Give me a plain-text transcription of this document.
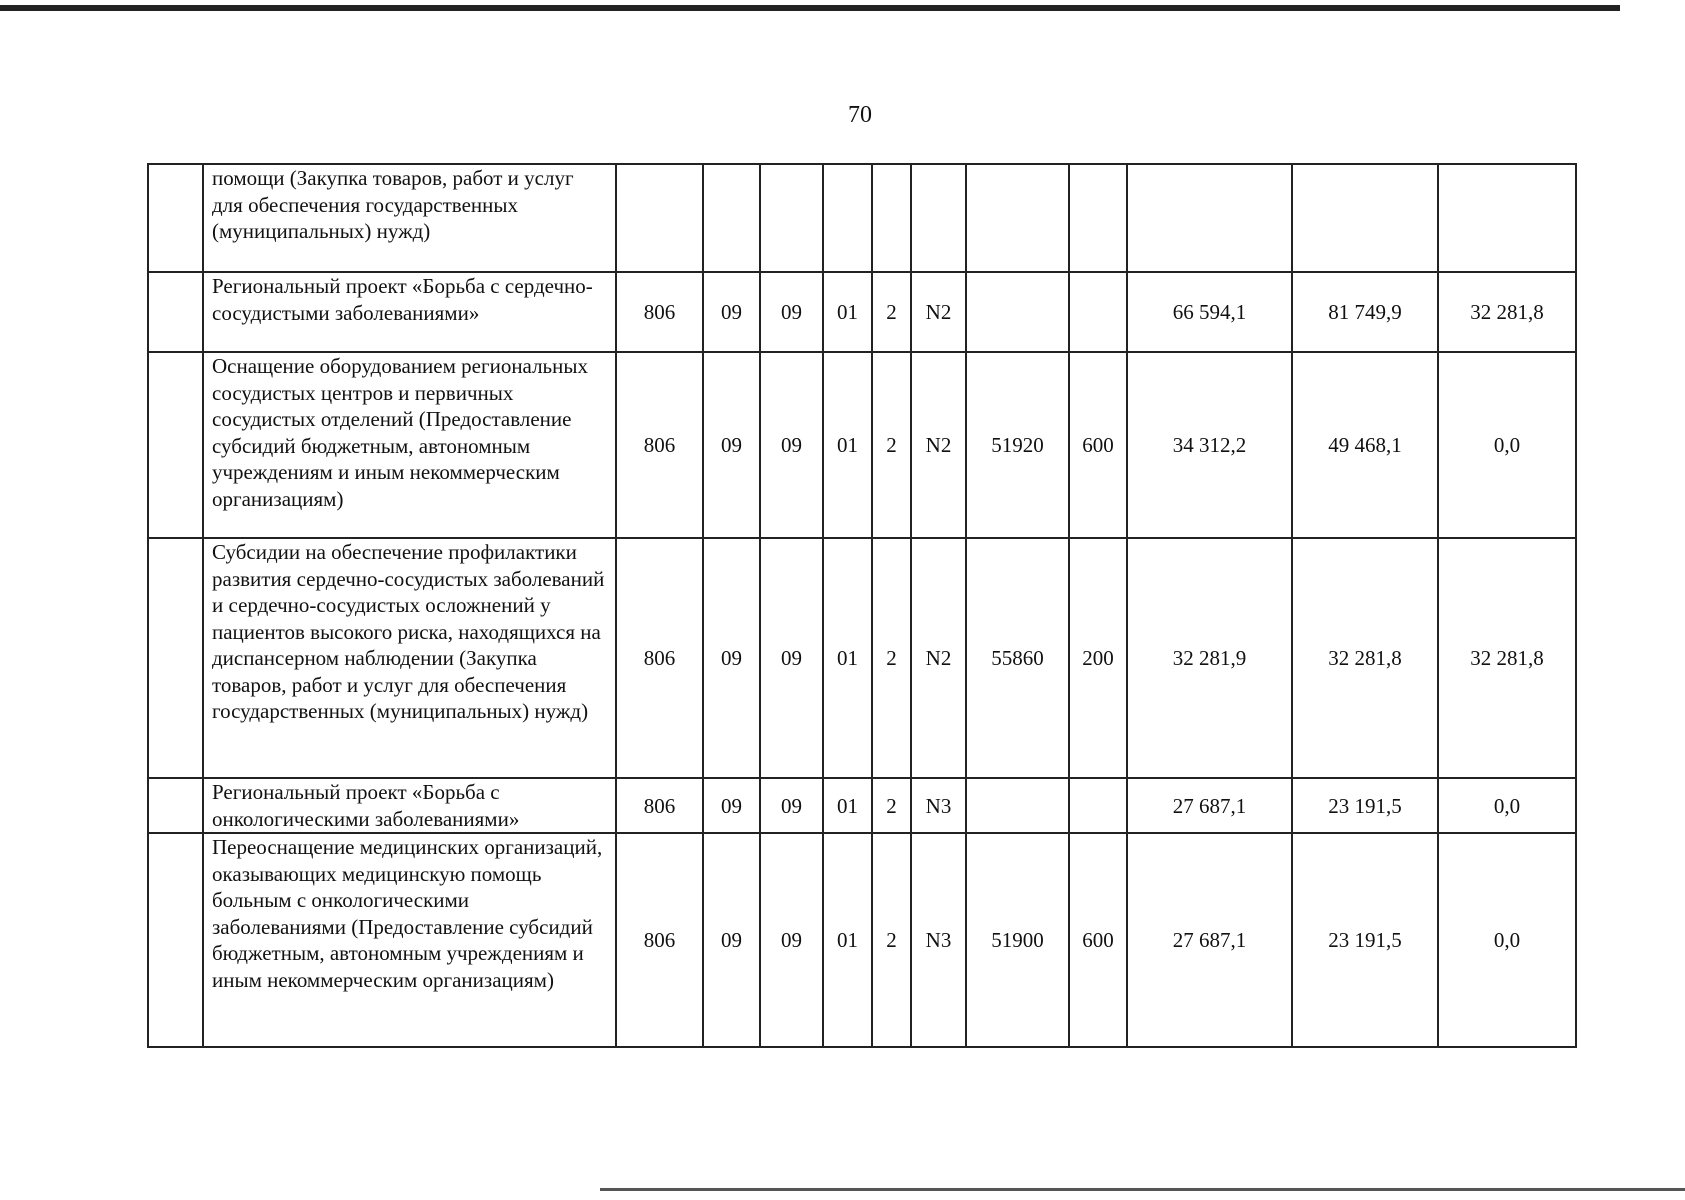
70
	помощи (Закупка товаров, работ и услуг для обеспечения государственных (муниципальных) нужд)											
	Региональный проект «Борьба с сердечно-сосудистыми заболеваниями»	806	09	09	01	2	N2			66 594,1	81 749,9	32 281,8
	Оснащение оборудованием региональных сосудистых центров и первичных сосудистых отделений (Предоставление субсидий бюджетным, автономным учреждениям и иным некоммерческим организациям)	806	09	09	01	2	N2	51920	600	34 312,2	49 468,1	0,0
	Субсидии на обеспечение профилактики развития сердечно-сосудистых заболеваний и сердечно-сосудистых осложнений у пациентов высокого риска, находящихся на диспансерном наблюдении (Закупка товаров, работ и услуг для обеспечения государственных (муниципальных) нужд)	806	09	09	01	2	N2	55860	200	32 281,9	32 281,8	32 281,8
	Региональный проект «Борьба с онкологическими заболеваниями»	806	09	09	01	2	N3			27 687,1	23 191,5	0,0
	Переоснащение медицинских организаций, оказывающих медицинскую помощь больным с онкологическими заболеваниями (Предоставление субсидий бюджетным, автономным учреждениям и иным некоммерческим организациям)	806	09	09	01	2	N3	51900	600	27 687,1	23 191,5	0,0
